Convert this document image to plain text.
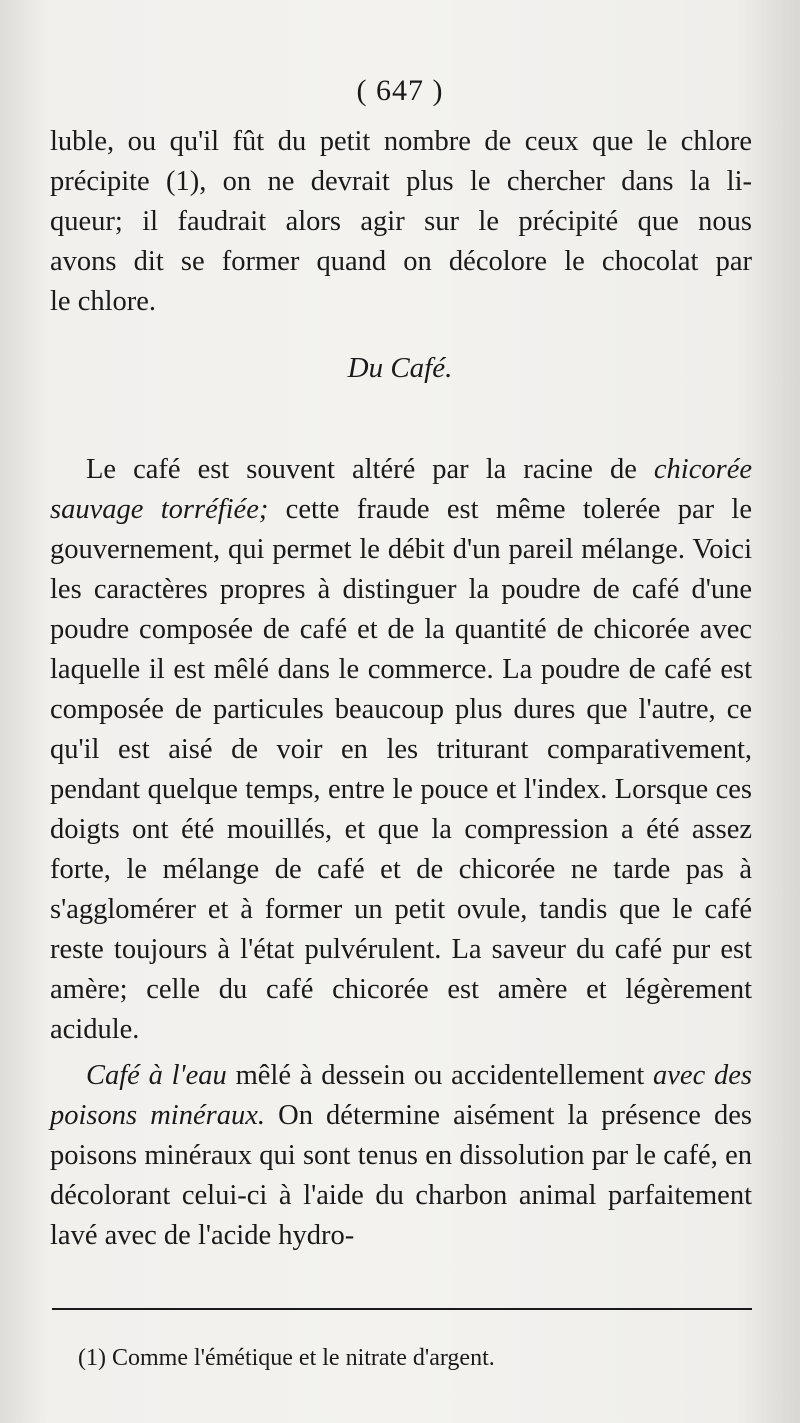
( 647 )
luble, ou qu'il fût du petit nombre de ceux que le chlore
précipite (1), on ne devrait plus le chercher dans la li-
queur; il faudrait alors agir sur le précipité que nous
avons dit se former quand on décolore le chocolat par
le chlore.
Du Café.

Le café est souvent altéré par la racine de chicorée sauvage torréfiée; cette fraude est même tolerée par le gouvernement, qui permet le débit d'un pareil mélange. Voici les caractères propres à distinguer la poudre de café d'une poudre composée de café et de la quantité de chicorée avec laquelle il est mêlé dans le commerce. La poudre de café est composée de particules beaucoup plus dures que l'autre, ce qu'il est aisé de voir en les triturant comparativement, pendant quelque temps, entre le pouce et l'index. Lorsque ces doigts ont été mouillés, et que la compression a été assez forte, le mélange de café et de chicorée ne tarde pas à s'agglomérer et à former un petit ovule, tandis que le café reste toujours à l'état pulvérulent. La saveur du café pur est amère; celle du café chicorée est amère et légèrement acidule.

Café à l'eau mêlé à dessein ou accidentellement avec des poisons minéraux. On détermine aisément la présence des poisons minéraux qui sont tenus en dissolution par le café, en décolorant celui-ci à l'aide du charbon animal parfaitement lavé avec de l'acide hydro-

(1) Comme l'émétique et le nitrate d'argent.
